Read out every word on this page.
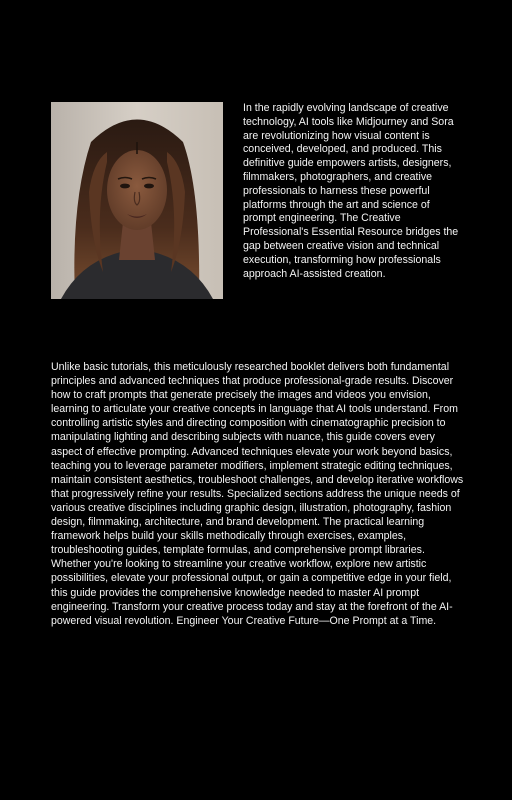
In the rapidly evolving landscape of creative technology, AI tools like Midjourney and Sora are revolutionizing how visual content is conceived, developed, and produced. This definitive guide empowers artists, designers, filmmakers, photographers, and creative professionals to harness these powerful platforms through the art and science of prompt engineering. The Creative Professional's Essential Resource bridges the gap between creative vision and technical execution, transforming how professionals approach AI-assisted creation.

Unlike basic tutorials, this meticulously researched booklet delivers both fundamental principles and advanced techniques that produce professional-grade results. Discover how to craft prompts that generate precisely the images and videos you envision, learning to articulate your creative concepts in language that AI tools understand. From controlling artistic styles and directing composition with cinematographic precision to manipulating lighting and describing subjects with nuance, this guide covers every aspect of effective prompting. Advanced techniques elevate your work beyond basics, teaching you to leverage parameter modifiers, implement strategic editing techniques, maintain consistent aesthetics, troubleshoot challenges, and develop iterative workflows that progressively refine your results. Specialized sections address the unique needs of various creative disciplines including graphic design, illustration, photography, fashion design, filmmaking, architecture, and brand development. The practical learning framework helps build your skills methodically through exercises, examples, troubleshooting guides, template formulas, and comprehensive prompt libraries. Whether you're looking to streamline your creative workflow, explore new artistic possibilities, elevate your professional output, or gain a competitive edge in your field, this guide provides the comprehensive knowledge needed to master AI prompt engineering. Transform your creative process today and stay at the forefront of the AI-powered visual revolution. Engineer Your Creative Future—One Prompt at a Time.
